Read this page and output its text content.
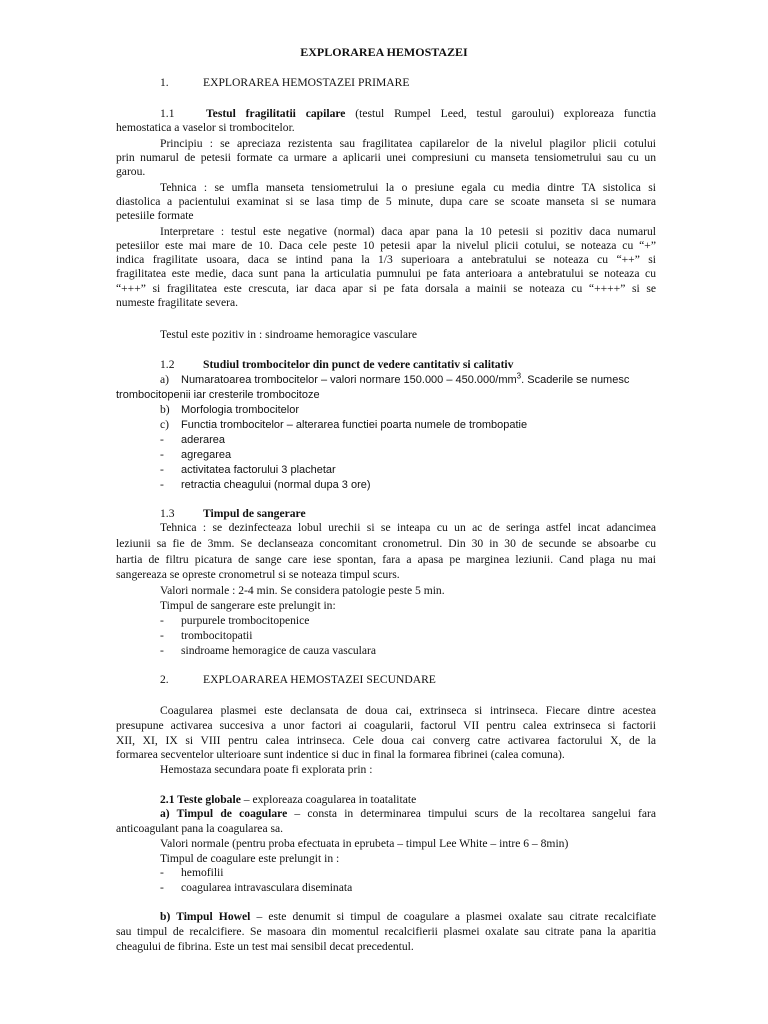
EXPLORAREA HEMOSTAZEI
1.	EXPLORAREA HEMOSTAZEI PRIMARE
1.1	Testul fragilitatii capilare (testul Rumpel Leed, testul garoului) exploreaza functia
hemostatica a vaselor si trombocitelor.
Principiu : se apreciaza rezistenta sau fragilitatea capilarelor de la nivelul plagilor plicii cotului
prin numarul de petesii formate ca urmare a aplicarii unei compresiuni cu manseta tensiometrului sau cu un
garou.
Tehnica : se umfla manseta tensiometrului la o presiune egala cu media dintre TA sistolica si
diastolica a pacientului examinat si se lasa timp de 5 minute, dupa care se scoate manseta si se numara
petesiile formate
Interpretare : testul este negative (normal) daca apar pana la 10 petesii si pozitiv daca numarul
petesiilor este mai mare de 10. Daca cele peste 10 petesii apar la nivelul plicii cotului, se noteaza cu “+”
indica fragilitate usoara, daca se intind pana la 1/3 superioara a antebratului se noteaza cu “++” si
fragilitatea este medie, daca sunt pana la articulatia pumnului pe fata anterioara a antebratului se noteaza cu
“+++” si fragilitatea este crescuta, iar daca apar si pe fata dorsala a mainii se noteaza cu “++++” si se
numeste fragilitate severa.
Testul este pozitiv in : sindroame hemoragice vasculare
1.2 Studiul trombocitelor din punct de vedere cantitativ si calitativ
a) Numaratoarea trombocitelor – valori normare $150.000 - 450.000/mm^3$. Scaderile se numesc
trombocitopenii iar cresterile trombocitoze
b) Morfologia trombocitelor
c) Functia trombocitelor – alterarea functiei poarta numele de trombopatie
- aderarea
- agregarea
- activitatea factorului 3 plachetar
- retractia cheagului (normal dupa 3 ore)
1.3 Timpul de sangerare
Tehnica : se dezinfecteaza lobul urechii si se inteapa cu un ac de seringa astfel incat adancimea
leziunii sa fie de 3mm. Se declanseaza concomitant cronometrul. Din 30 in 30 de secunde se absoarbe cu
hartia de filtru picatura de sange care iese spontan, fara a apasa pe marginea leziunii. Cand plaga nu mai
sangereaza se opreste cronometrul si se noteaza timpul scurs.
Valori normale : 2-4 min. Se considera patologie peste 5 min.
Timpul de sangerare este prelungit in:
- purpurele trombocitopenice
- trombocitopatii
- sindroame hemoragice de cauza vasculara
2.	EXPLOARAREA HEMOSTAZEI SECUNDARE
Coagularea plasmei este declansata de doua cai, extrinseca si intrinseca. Fiecare dintre acestea
presupune activarea succesiva a unor factori ai coagularii, factorul VII pentru calea extrinseca si factorii
XII, XI, IX si VIII pentru calea intrinseca. Cele doua cai converg catre activarea factorului X, de la
formarea secventelor ulterioare sunt indentice si duc in final la formarea fibrinei (calea comuna).
Hemostaza secundara poate fi explorata prin :
2.1 Teste globale – exploreaza coagularea in toatalitate
a) Timpul de coagulare – consta in determinarea timpului scurs de la recoltarea sangelui fara
anticoagulant pana la coagularea sa.
Valori normale (pentru proba efectuata in eprubeta – timpul Lee White – intre 6 – 8min)
Timpul de coagulare este prelungit in :
- hemofilii
- coagularea intravasculara diseminata
b) Timpul Howel – este denumit si timpul de coagulare a plasmei oxalate sau citrate recalcifiate
sau timpul de recalcifiere. Se masoara din momentul recalcifierii plasmei oxalate sau citrate pana la aparitia
cheagului de fibrina. Este un test mai sensibil decat precedentul.
